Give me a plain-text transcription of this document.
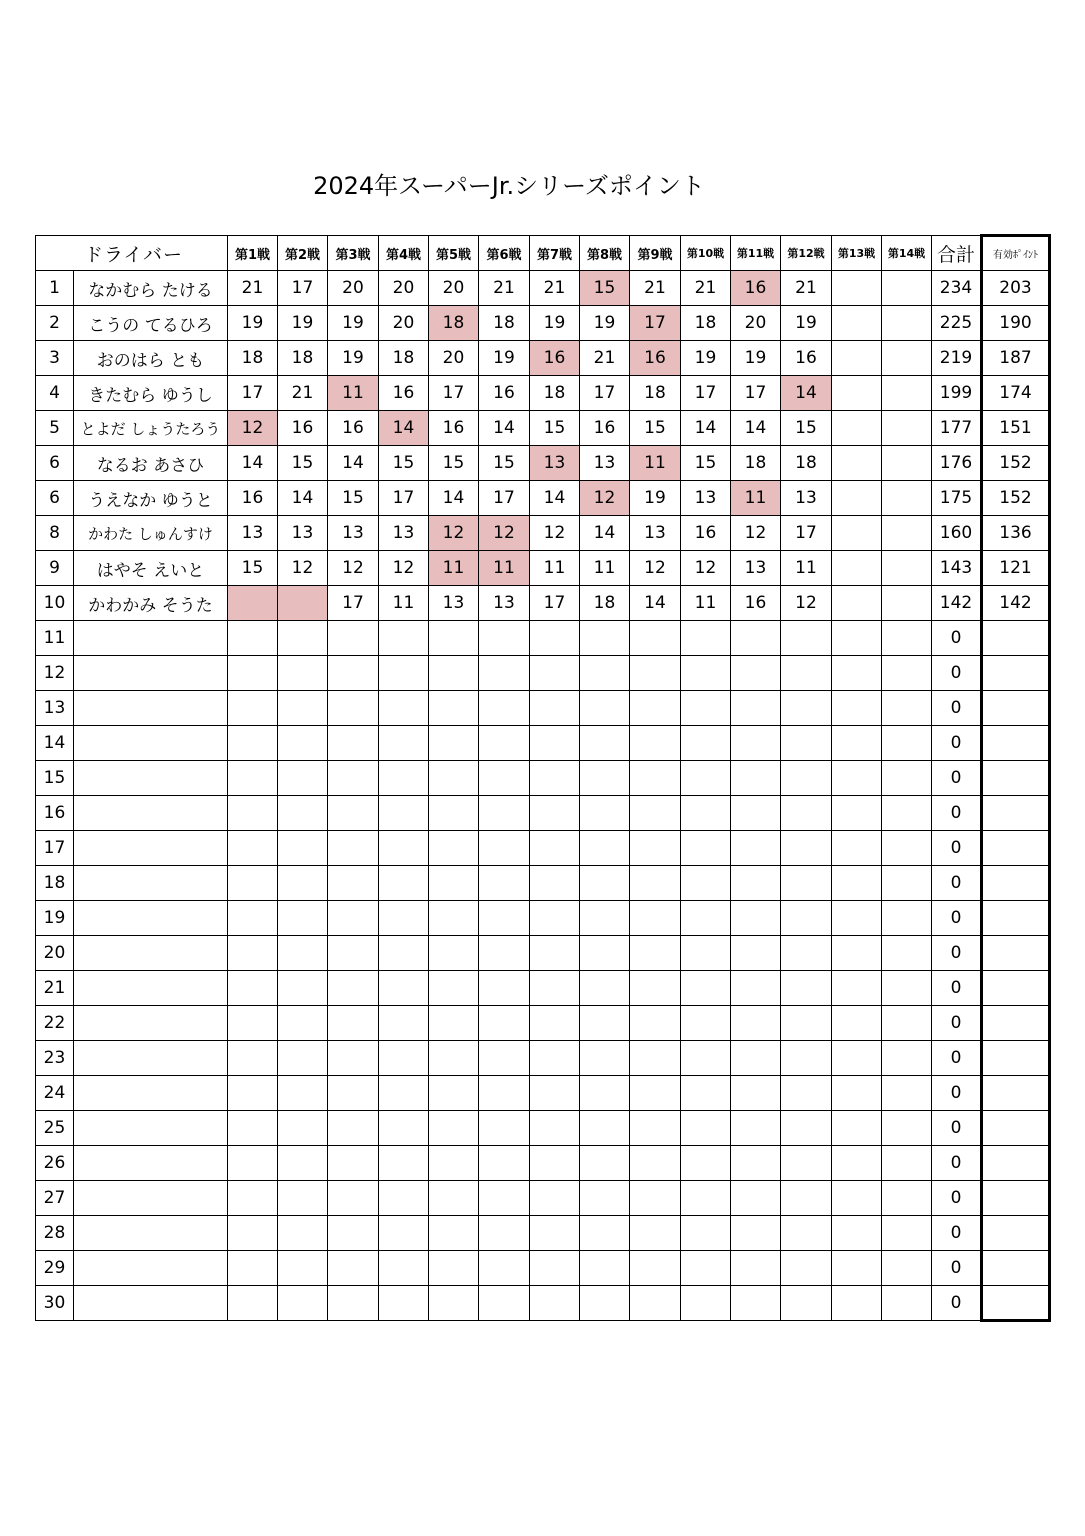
2024年スーパーJr.シリーズポイント
ドライバー		第1戦	第2戦	第3戦	第4戦	第5戦	第6戦	第7戦	第8戦	第9戦	第10戦	第11戦	第12戦	第13戦	第14戦	合計	有効ﾎﾟｲﾝﾄ
1	なかむら たける	21	17	20	20	20	21	21	15	21	21	16	21			234	203
2	こうの てるひろ	19	19	19	20	18	18	19	19	17	18	20	19			225	190
3	おのはら とも	18	18	19	18	20	19	16	21	16	19	19	16			219	187
4	きたむら ゆうし	17	21	11	16	17	16	18	17	18	17	17	14			199	174
5	とよだ しょうたろう	12	16	16	14	16	14	15	16	15	14	14	15			177	151
6	なるお あさひ	14	15	14	15	15	15	13	13	11	15	18	18			176	152
6	うえなか ゆうと	16	14	15	17	14	17	14	12	19	13	11	13			175	152
8	かわた しゅんすけ	13	13	13	13	12	12	12	14	13	16	12	17			160	136
9	はやそ えいと	15	12	12	12	11	11	11	11	12	12	13	11			143	121
10	かわかみ そうた			17	11	13	13	17	18	14	11	16	12			142	142
11																0	
12																0	
13																0	
14																0	
15																0	
16																0	
17																0	
18																0	
19																0	
20																0	
21																0	
22																0	
23																0	
24																0	
25																0	
26																0	
27																0	
28																0	
29																0	
30																0	
